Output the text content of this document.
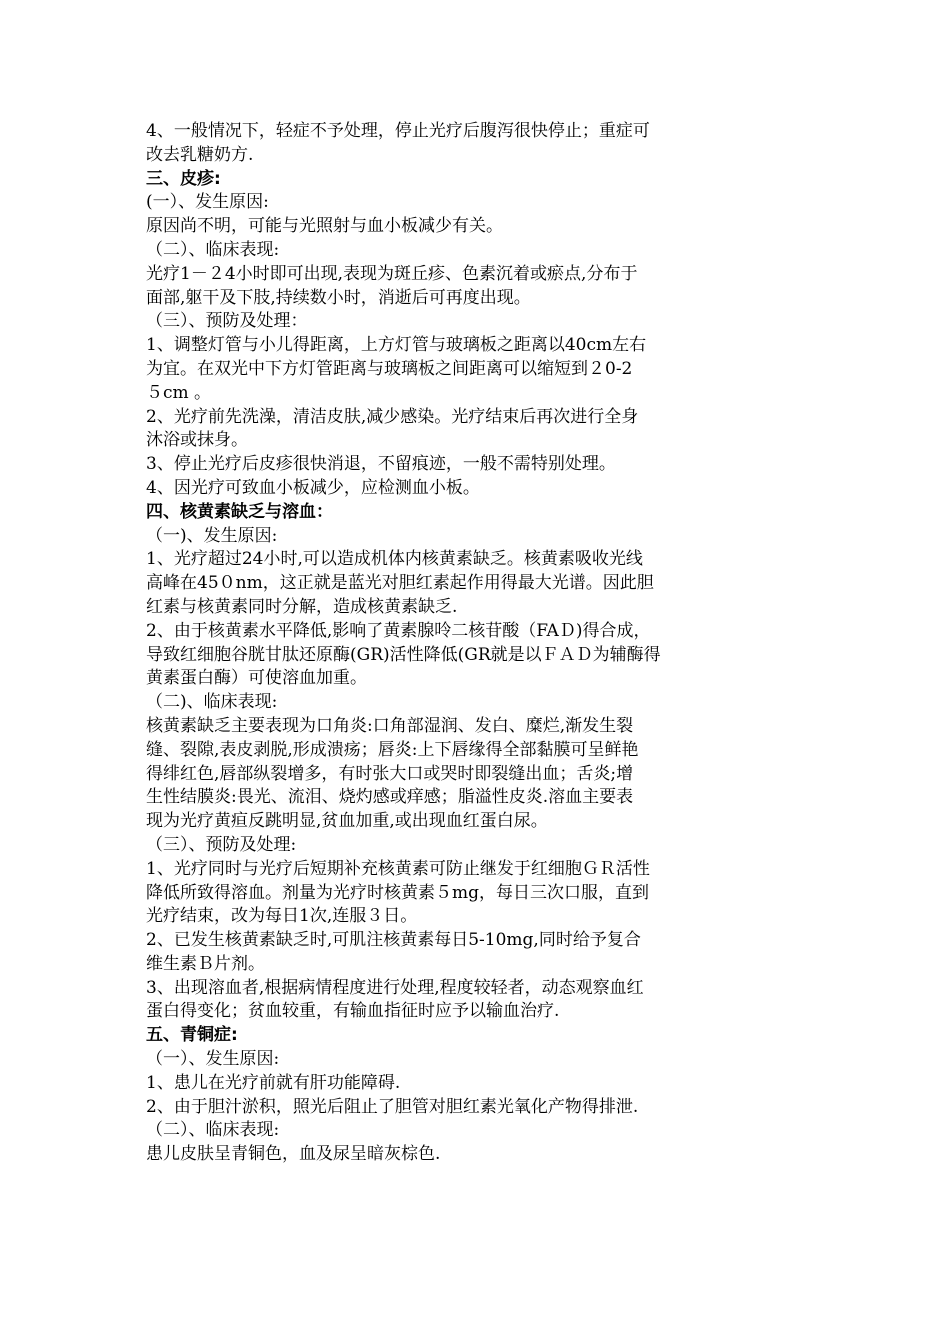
4、一般情况下，轻症不予处理，停止光疗后腹泻很快停止；重症可
改去乳糖奶方.
三、皮疹:
(一）、发生原因:
原因尚不明，可能与光照射与血小板减少有关。
（二）、临床表现:
光疗1－２4小时即可出现,表现为斑丘疹、色素沉着或瘀点,分布于
面部,躯干及下肢,持续数小时，消逝后可再度出现。
（三）、预防及处理：
1、调整灯管与小儿得距离，上方灯管与玻璃板之距离以40cm左右
为宜。在双光中下方灯管距离与玻璃板之间距离可以缩短到２0-2
５cm 。
2、光疗前先洗澡，清洁皮肤,减少感染。光疗结束后再次进行全身
沐浴或抹身。
3、停止光疗后皮疹很快消退，不留痕迹，一般不需特别处理。
4、因光疗可致血小板减少，应检测血小板。
四、核黄素缺乏与溶血：
（一)、发生原因:
1、光疗超过24小时,可以造成机体内核黄素缺乏。核黄素吸收光线
高峰在45０nm，这正就是蓝光对胆红素起作用得最大光谱。因此胆
红素与核黄素同时分解，造成核黄素缺乏.
2、由于核黄素水平降低,影响了黄素腺呤二核苷酸（FAＤ)得合成，
导致红细胞谷胱甘肽还原酶(GR)活性降低(GR就是以ＦＡＤ为辅酶得
黄素蛋白酶）可使溶血加重。
（二)、临床表现:
核黄素缺乏主要表现为口角炎:口角部湿润、发白、糜烂,渐发生裂
缝、裂隙,表皮剥脱,形成溃疡；唇炎:上下唇缘得全部黏膜可呈鲜艳
得绯红色,唇部纵裂增多，有时张大口或哭时即裂缝出血；舌炎;增
生性结膜炎:畏光、流泪、烧灼感或痒感；脂溢性皮炎.溶血主要表
现为光疗黄疸反跳明显,贫血加重,或出现血红蛋白尿。
（三）、预防及处理:
1、光疗同时与光疗后短期补充核黄素可防止继发于红细胞ＧＲ活性
降低所致得溶血。剂量为光疗时核黄素５mg，每日三次口服，直到
光疗结束，改为每日1次,连服３日。
2、已发生核黄素缺乏时,可肌注核黄素每日5-10mg,同时给予复合
维生素Ｂ片剂。
3、出现溶血者,根据病情程度进行处理,程度较轻者，动态观察血红
蛋白得变化；贫血较重，有输血指征时应予以输血治疗.
五、青铜症:
（一）、发生原因:
1、患儿在光疗前就有肝功能障碍.
2、由于胆汁淤积，照光后阻止了胆管对胆红素光氧化产物得排泄.
（二）、临床表现:
患儿皮肤呈青铜色，血及尿呈暗灰棕色.
